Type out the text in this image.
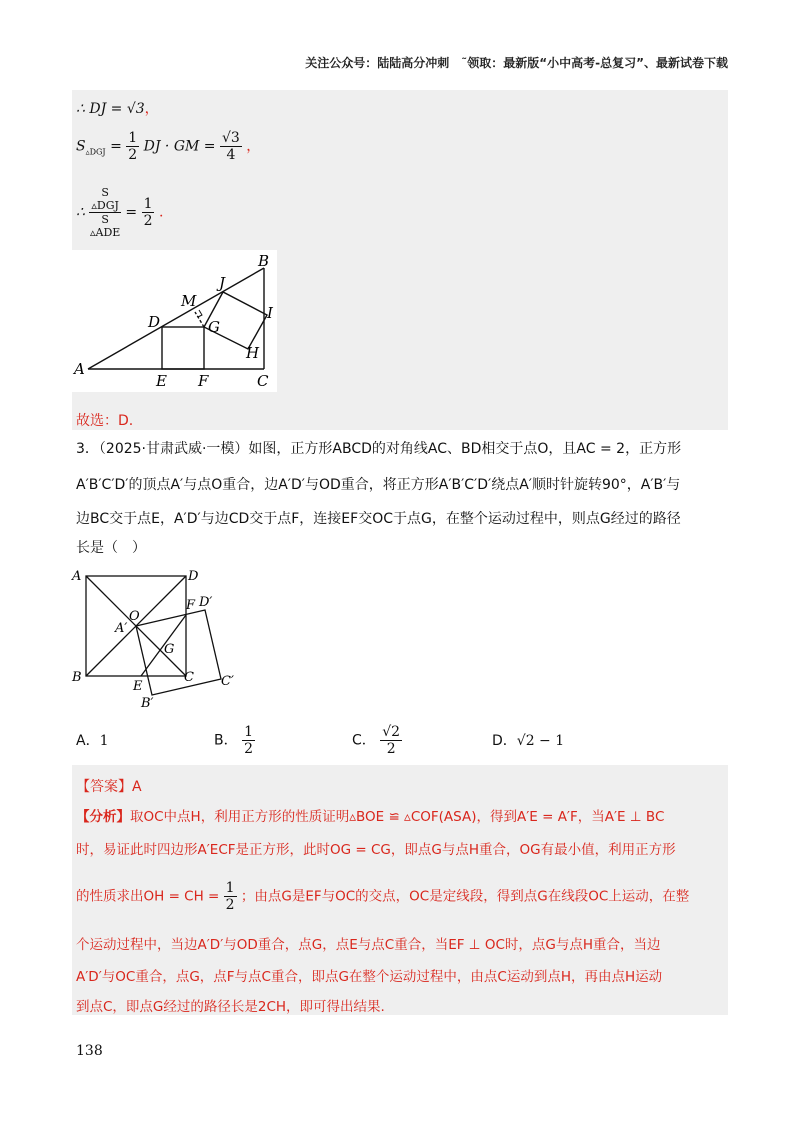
关注公众号：陆陆高分冲刺　˜领取：最新版“小中高考-总复习”、最新试卷下载
∴ DJ = √3，
$S_{▵DGJ} = \frac{1}{2}$ DJ · GM = $\frac{√3}{4}$ ，
∴ S
▵DGJ
S
▵ADE = $\frac{1}{2}$ .
B
J
M
D	G
I
H
A
E F	C
故选：D.
3．（2025·甘肃武威·一模）如图，正方形ABCD的对角线AC、BD相交于点O，且AC = 2，正方形
A′B′C′D′的顶点A′与点O重合，边A′D′与OD重合，将正方形A′B′C′D′绕点A′顺时针旋转90°，A′B′与
边BC交于点E，A′D′与边CD交于点F，连接EF交OC于点G，在整个运动过程中，则点G经过的路径
长是（　）
A	D
O
F D′
A′
G
B
E
C C′
B′
A．1	B． $\frac{1}{2}$	C． $\frac{√2}{2}$	D．√2 − 1
【答案】A
【分析】取OC中点H，利用正方形的性质证明▵BOE ≌ ▵COF(ASA)，得到A′E = A′F，当A′E ⊥ BC
时，易证此时四边形A′ECF是正方形，此时OG = CG，即点G与点H重合，OG有最小值，利用正方形
的性质求出OH = CH = $\frac{1}{2}$ ；由点G是EF与OC的交点，OC是定线段，得到点G在线段OC上运动，在整
个运动过程中，当边A′D′与OD重合，点G，点E与点C重合，当EF ⊥ OC时，点G与点H重合，当边
A′D′与OC重合，点G，点F与点C重合，即点G在整个运动过程中，由点C运动到点H，再由点H运动
到点C，即点G经过的路径长是2CH，即可得出结果.
138
